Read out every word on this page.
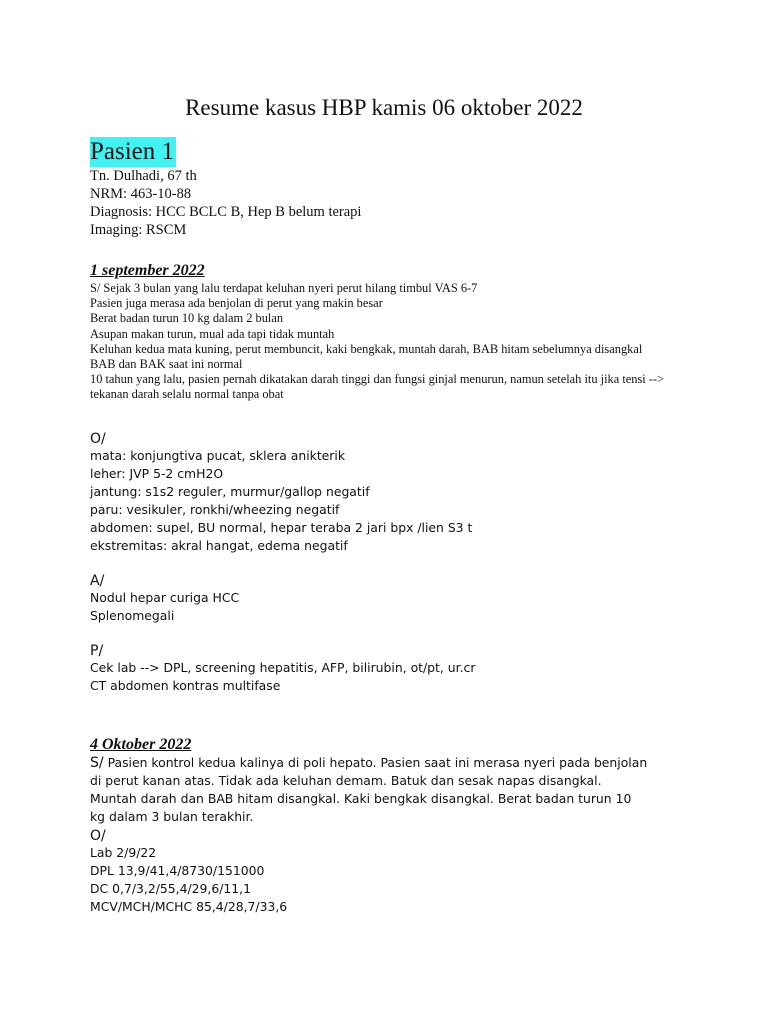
Resume kasus HBP kamis 06 oktober 2022
Pasien 1
Tn. Dulhadi, 67 th
NRM: 463-10-88
Diagnosis: HCC BCLC B, Hep B belum terapi
Imaging: RSCM
1 september 2022
S/ Sejak 3 bulan yang lalu terdapat keluhan nyeri perut hilang timbul VAS 6-7
Pasien juga merasa ada benjolan di perut yang makin besar
Berat badan turun 10 kg dalam 2 bulan
Asupan makan turun, mual ada tapi tidak muntah
Keluhan kedua mata kuning, perut membuncit, kaki bengkak, muntah darah, BAB hitam sebelumnya disangkal
BAB dan BAK saat ini normal
10 tahun yang lalu, pasien pernah dikatakan darah tinggi dan fungsi ginjal menurun, namun setelah itu jika tensi -->
tekanan darah selalu normal tanpa obat
O/
mata: konjungtiva pucat, sklera anikterik
leher: JVP 5-2 cmH2O
jantung: s1s2 reguler, murmur/gallop negatif
paru: vesikuler, ronkhi/wheezing negatif
abdomen: supel, BU normal, hepar teraba 2 jari bpx /lien S3 t
ekstremitas: akral hangat, edema negatif
A/
Nodul hepar curiga HCC
Splenomegali
P/
Cek lab --> DPL, screening hepatitis, AFP, bilirubin, ot/pt, ur.cr
CT abdomen kontras multifase
4 Oktober 2022
S/ Pasien kontrol kedua kalinya di poli hepato. Pasien saat ini merasa nyeri pada benjolan di perut kanan atas. Tidak ada keluhan demam. Batuk dan sesak napas disangkal. Muntah darah dan BAB hitam disangkal. Kaki bengkak disangkal. Berat badan turun 10 kg dalam 3 bulan terakhir.
O/
Lab 2/9/22
DPL 13,9/41,4/8730/151000
DC 0,7/3,2/55,4/29,6/11,1
MCV/MCH/MCHC 85,4/28,7/33,6
